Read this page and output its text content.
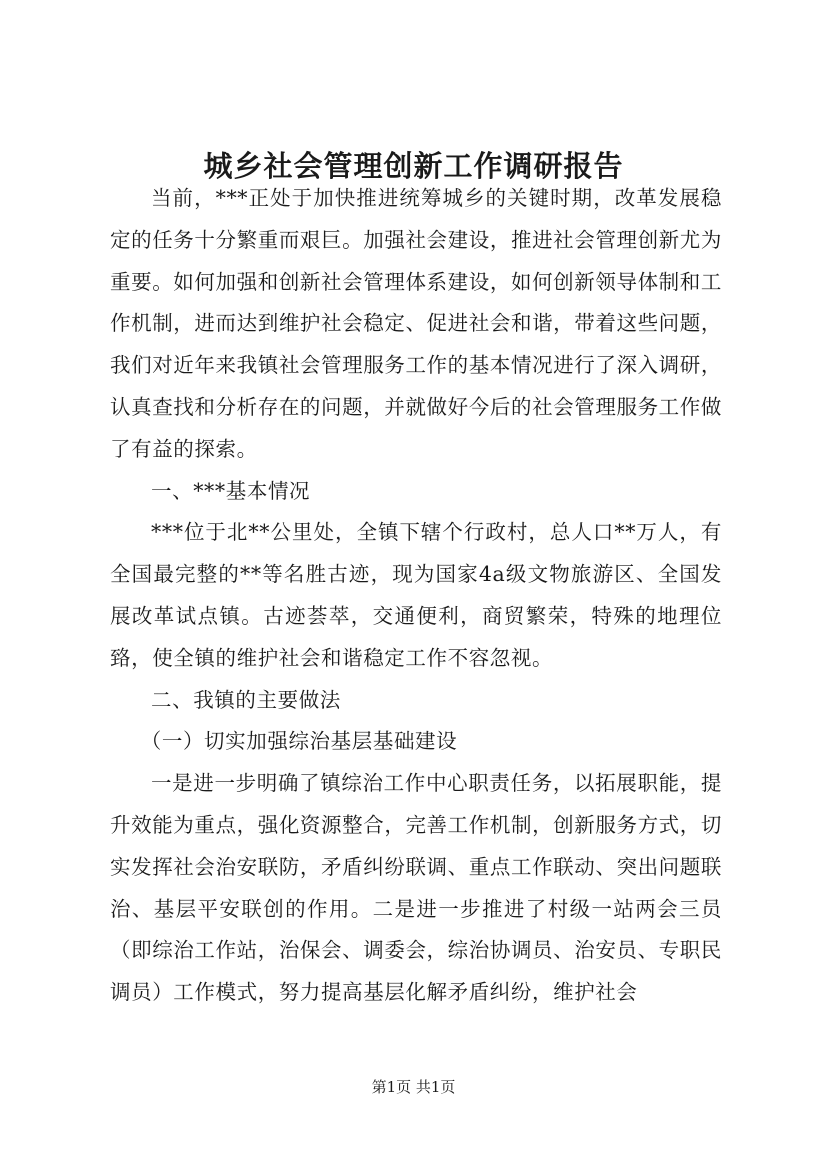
城乡社会管理创新工作调研报告

当前，***正处于加快推进统筹城乡的关键时期，改革发展稳定的任务十分繁重而艰巨。加强社会建设，推进社会管理创新尤为重要。如何加强和创新社会管理体系建设，如何创新领导体制和工作机制，进而达到维护社会稳定、促进社会和谐，带着这些问题，我们对近年来我镇社会管理服务工作的基本情况进行了深入调研，认真查找和分析存在的问题，并就做好今后的社会管理服务工作做了有益的探索。

一、***基本情况

***位于北**公里处，全镇下辖个行政村，总人口**万人，有全国最完整的**等名胜古迹，现为国家4a级文物旅游区、全国发展改革试点镇。古迹荟萃，交通便利，商贸繁荣，特殊的地理位臵，使全镇的维护社会和谐稳定工作不容忽视。

二、我镇的主要做法

（一）切实加强综治基层基础建设

一是进一步明确了镇综治工作中心职责任务，以拓展职能，提升效能为重点，强化资源整合，完善工作机制，创新服务方式，切实发挥社会治安联防，矛盾纠纷联调、重点工作联动、突出问题联治、基层平安联创的作用。二是进一步推进了村级一站两会三员（即综治工作站，治保会、调委会，综治协调员、治安员、专职民调员）工作模式，努力提高基层化解矛盾纠纷，维护社会

第1页 共1页
